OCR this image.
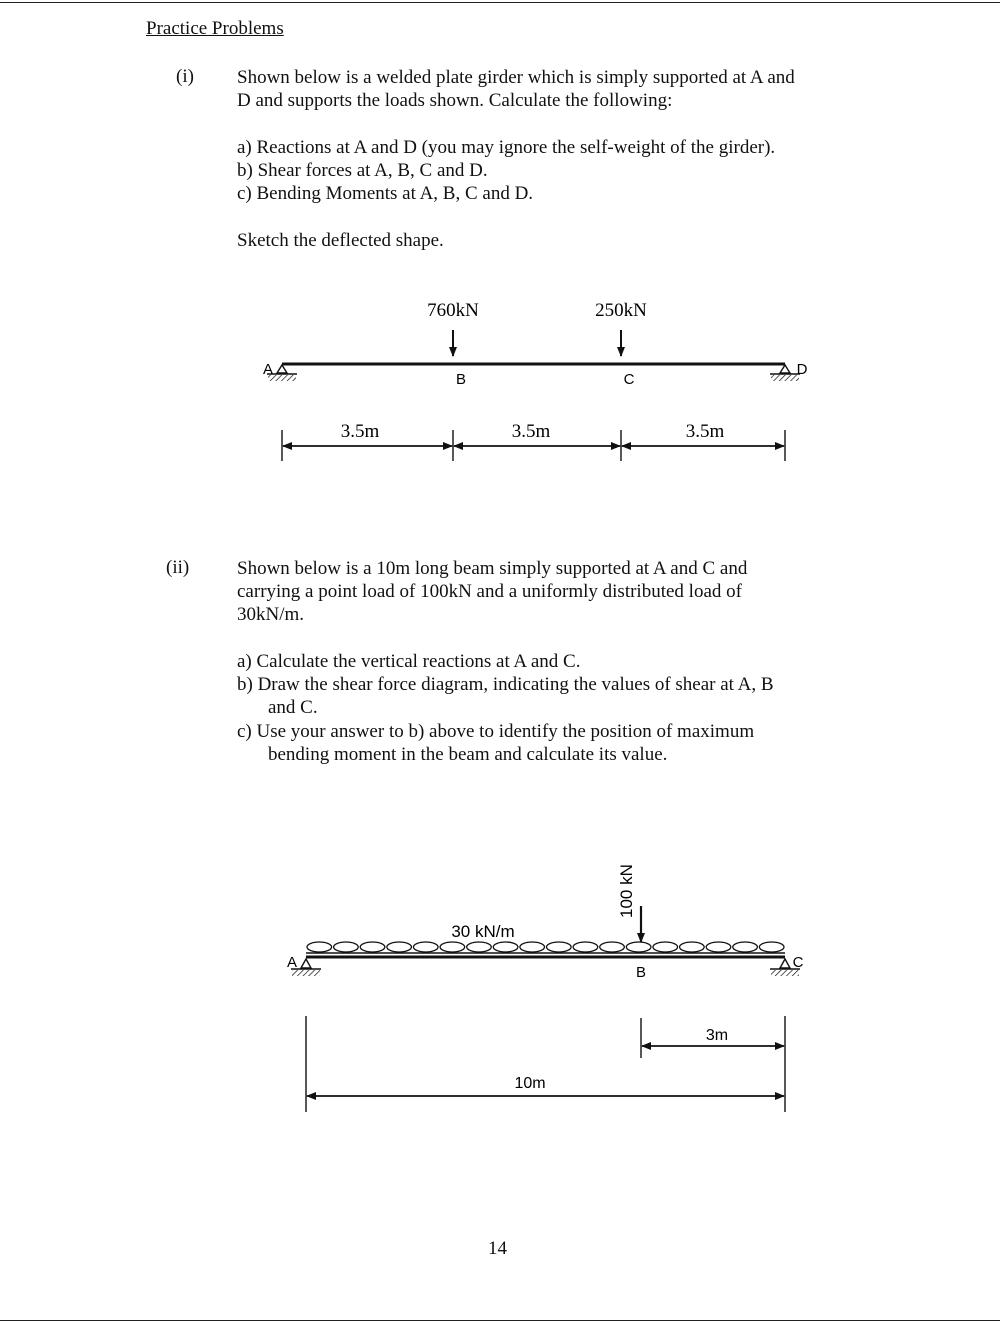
Practice Problems
(i) Shown below is a welded plate girder which is simply supported at A and
D and supports the loads shown. Calculate the following:
a) Reactions at A and D (you may ignore the self-weight of the girder).
b) Shear forces at A, B, C and D.
c) Bending Moments at A, B, C and D.
Sketch the deflected shape.
(ii)	Shown below is a 10m long beam simply supported at A and C and
carrying a point load of 100kN and a uniformly distributed load of
30kN/m.
a) Calculate the vertical reactions at A and C.
b) Draw the shear force diagram, indicating the values of shear at A, B
and C.
c) Use your answer to b) above to identify the position of maximum
bending moment in the beam and calculate its value.
760kN	250kN
A
B	C
D
3.5m	3.5m	3.5m
30 kN/m
100 kN
A
B
C
3m
10m
14
